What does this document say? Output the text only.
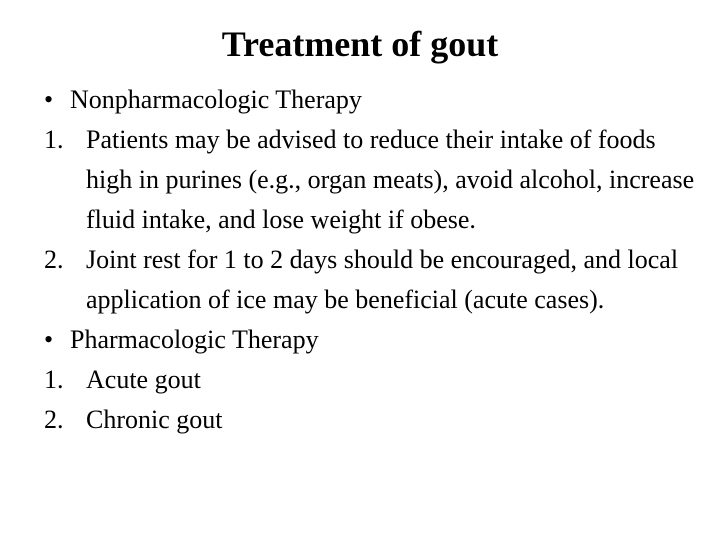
Treatment of gout
• Nonpharmacologic Therapy
1. Patients may be advised to reduce their intake of foods high in purines (e.g., organ meats), avoid alcohol, increase fluid intake, and lose weight if obese.
2. Joint rest for 1 to 2 days should be encouraged, and local application of ice may be beneficial (acute cases).
• Pharmacologic Therapy
1. Acute gout
2. Chronic gout
